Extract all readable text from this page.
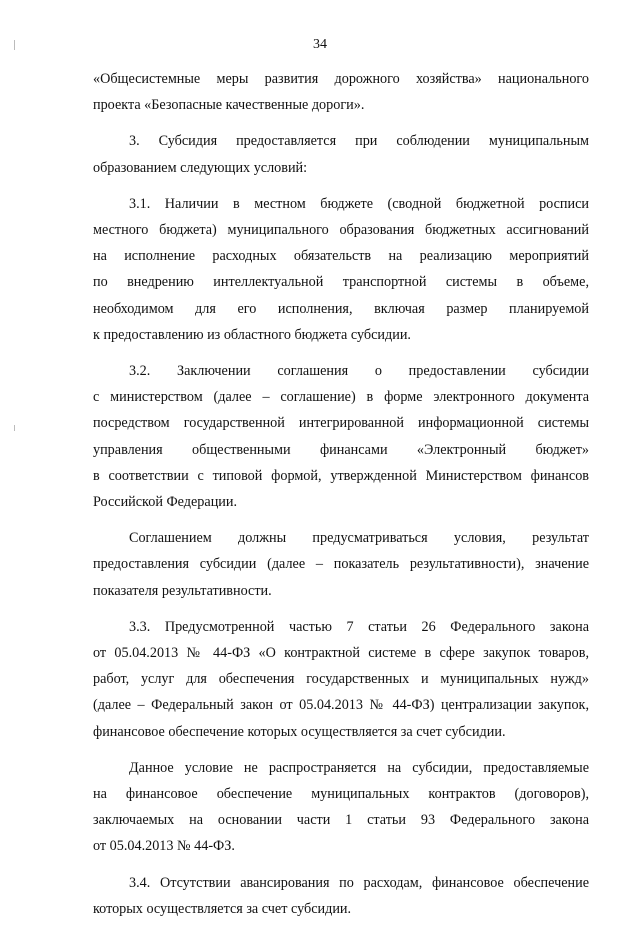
34
«Общесистемные меры развития дорожного хозяйства» национального
проекта «Безопасные качественные дороги».
3. Субсидия предоставляется при соблюдении муниципальным
образованием следующих условий:
3.1. Наличии в местном бюджете (сводной бюджетной росписи
местного бюджета) муниципального образования бюджетных ассигнований
на исполнение расходных обязательств на реализацию мероприятий
по внедрению интеллектуальной транспортной системы в объеме,
необходимом для его исполнения, включая размер планируемой
к предоставлению из областного бюджета субсидии.
3.2. Заключении соглашения о предоставлении субсидии
с министерством (далее – соглашение) в форме электронного документа
посредством государственной интегрированной информационной системы
управления общественными финансами «Электронный бюджет»
в соответствии с типовой формой, утвержденной Министерством финансов
Российской Федерации.
Соглашением должны предусматриваться условия, результат
предоставления субсидии (далее – показатель результативности), значение
показателя результативности.
3.3. Предусмотренной частью 7 статьи 26 Федерального закона
от 05.04.2013 № 44-ФЗ «О контрактной системе в сфере закупок товаров,
работ, услуг для обеспечения государственных и муниципальных нужд»
(далее – Федеральный закон от 05.04.2013 № 44-ФЗ) централизации закупок,
финансовое обеспечение которых осуществляется за счет субсидии.
Данное условие не распространяется на субсидии, предоставляемые
на финансовое обеспечение муниципальных контрактов (договоров),
заключаемых на основании части 1 статьи 93 Федерального закона
от 05.04.2013 № 44-ФЗ.
3.4. Отсутствии авансирования по расходам, финансовое обеспечение
которых осуществляется за счет субсидии.
